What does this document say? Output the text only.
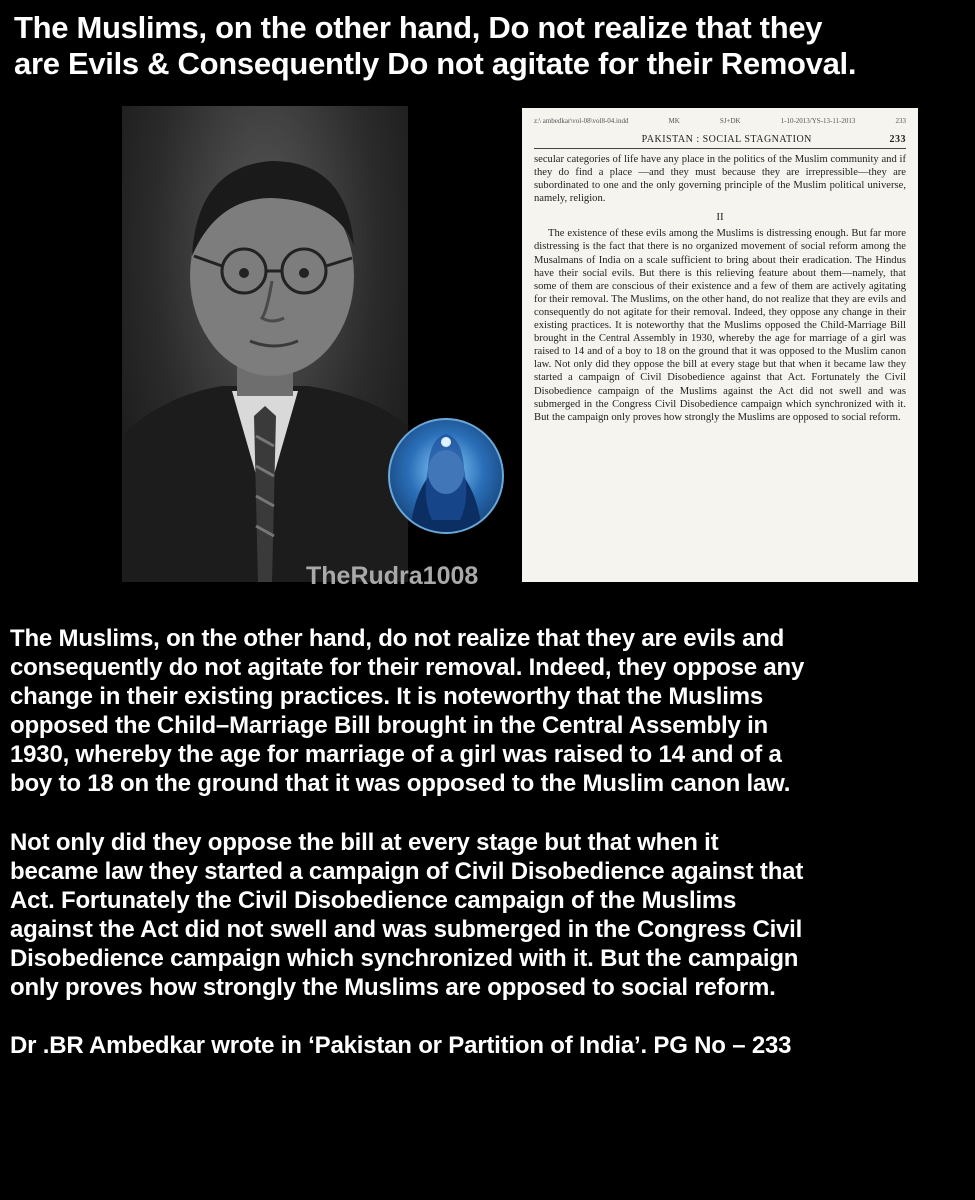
The Muslims, on the other hand, Do not realize that they
are Evils & Consequently Do not agitate for their Removal.
TheRudra1008
z:\ ambedkar\vol-08\vol8-04.indd	MK	SJ+DK	1-10-2013/YS-13-11-2013	233
PAKISTAN : SOCIAL STAGNATION	233

secular categories of life have any place in the politics of the Muslim community and if they do find a place —and they must because they are irrepressible—they are subordinated to one and the only governing principle of the Muslim political universe, namely, religion.

II

The existence of these evils among the Muslims is distressing enough. But far more distressing is the fact that there is no organized movement of social reform among the Musalmans of India on a scale sufficient to bring about their eradication. The Hindus have their social evils. But there is this relieving feature about them—namely, that some of them are conscious of their existence and a few of them are actively agitating for their removal. The Muslims, on the other hand, do not realize that they are evils and consequently do not agitate for their removal. Indeed, they oppose any change in their existing practices. It is noteworthy that the Muslims opposed the Child-Marriage Bill brought in the Central Assembly in 1930, whereby the age for marriage of a girl was raised to 14 and of a boy to 18 on the ground that it was opposed to the Muslim canon law. Not only did they oppose the bill at every stage but that when it became law they started a campaign of Civil Disobedience against that Act. Fortunately the Civil Disobedience campaign of the Muslims against the Act did not swell and was submerged in the Congress Civil Disobedience campaign which synchronized with it. But the campaign only proves how strongly the Muslims are opposed to social reform.

The Muslims, on the other hand, do not realize that they are evils and
consequently do not agitate for their removal. Indeed, they oppose any
change in their existing practices. It is noteworthy that the Muslims
opposed the Child–Marriage Bill brought in the Central Assembly in
1930, whereby the age for marriage of a girl was raised to 14 and of a
boy to 18 on the ground that it was opposed to the Muslim canon law.
Not only did they oppose the bill at every stage but that when it
became law they started a campaign of Civil Disobedience against that
Act. Fortunately the Civil Disobedience campaign of the Muslims
against the Act did not swell and was submerged in the Congress Civil
Disobedience campaign which synchronized with it. But the campaign
only proves how strongly the Muslims are opposed to social reform.
Dr .BR Ambedkar wrote in ‘Pakistan or Partition of India’. PG No – 233
